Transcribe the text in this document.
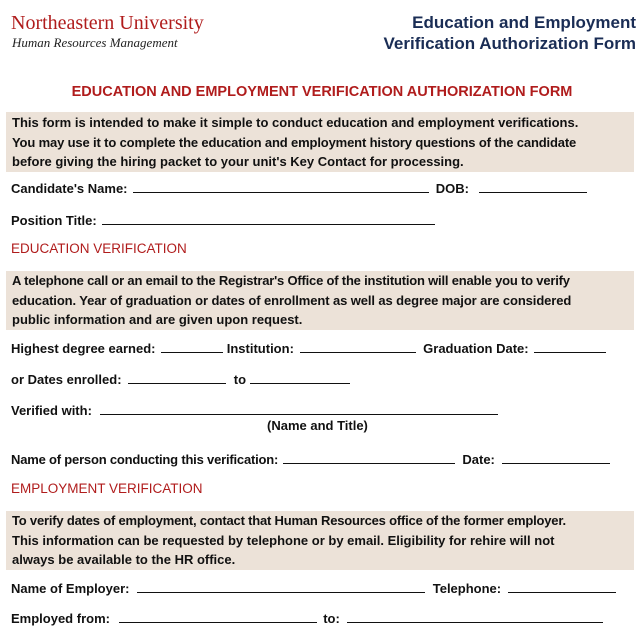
Northeastern University
Human Resources Management
Education and Employment
Verification Authorization Form
EDUCATION AND EMPLOYMENT VERIFICATION AUTHORIZATION FORM
This form is intended to make it simple to conduct education and employment verifications.
You may use it to complete the education and employment history questions of the candidate
before giving the hiring packet to your unit's Key Contact for processing.
Candidate's Name:	DOB:
Position Title:
EDUCATION VERIFICATION
A telephone call or an email to the Registrar's Office of the institution will enable you to verify
education. Year of graduation or dates of enrollment as well as degree major are considered
public information and are given upon request.
Highest degree earned:	Institution:	Graduation Date:
or Dates enrolled:	to
Verified with:
(Name and Title)
Name of person conducting this verification:	Date:
EMPLOYMENT VERIFICATION
To verify dates of employment, contact that Human Resources office of the former employer.
This information can be requested by telephone or by email. Eligibility for rehire will not
always be available to the HR office.
Name of Employer:	Telephone:
Employed from:	to:
